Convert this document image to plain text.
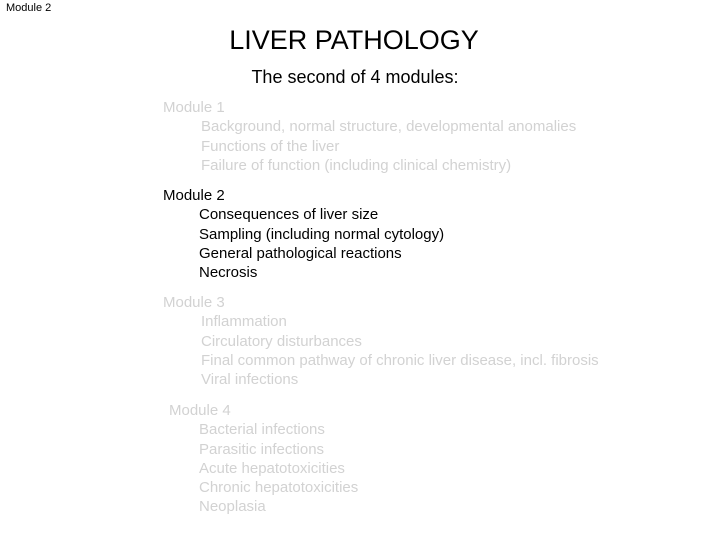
Module 2
LIVER PATHOLOGY
The second of 4 modules:
Module 1
Background, normal structure, developmental anomalies
Functions of the liver
Failure of function (including clinical chemistry)
Module 2
Consequences of liver size
Sampling (including normal cytology)
General pathological reactions
Necrosis
Module 3
Inflammation
Circulatory disturbances
Final common pathway of chronic liver disease, incl. fibrosis
Viral infections
Module 4
Bacterial infections
Parasitic infections
Acute hepatotoxicities
Chronic hepatotoxicities
Neoplasia
